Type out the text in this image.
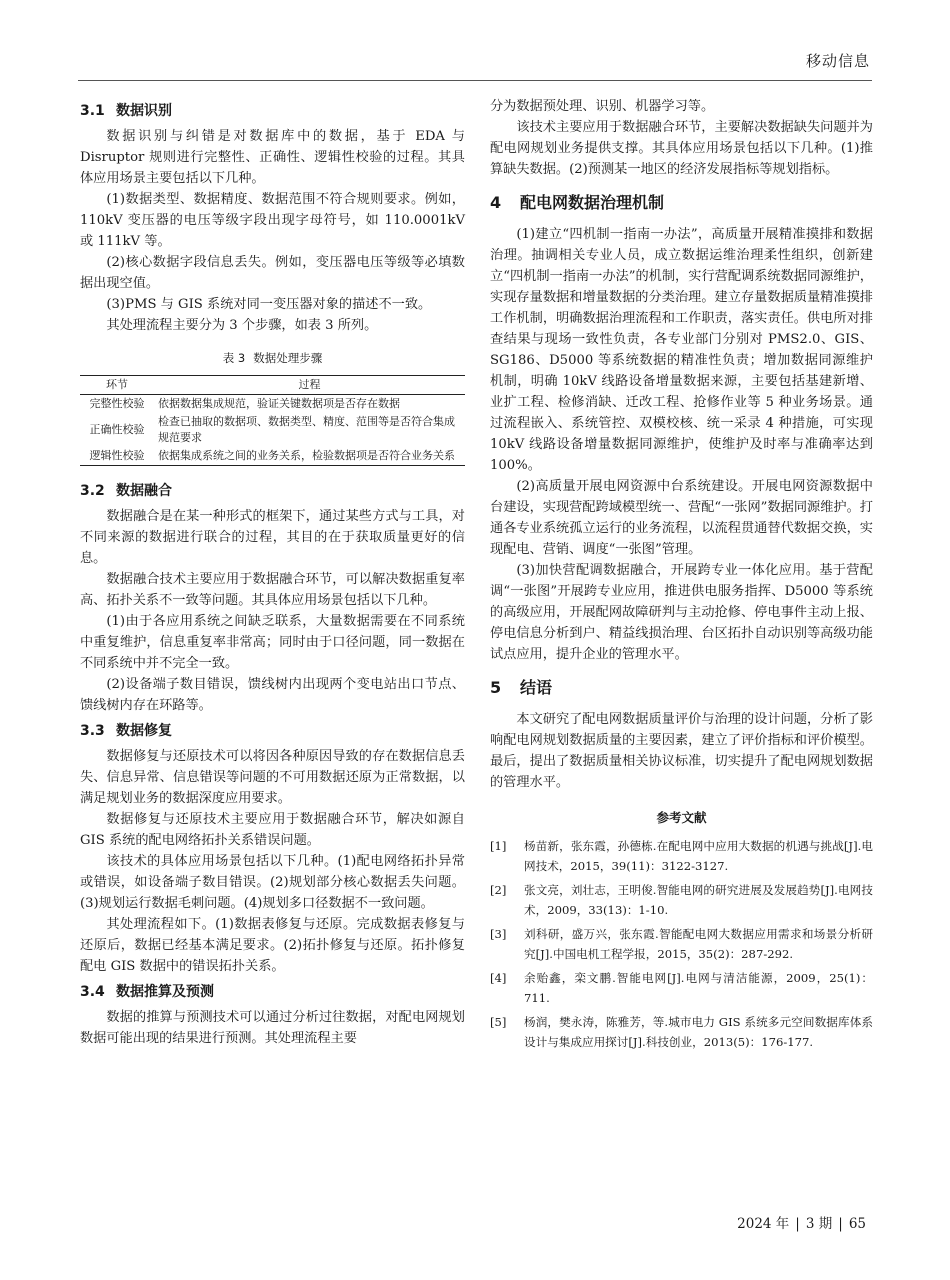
移动信息
3.1 数据识别

数据识别与纠错是对数据库中的数据，基于 EDA 与 Disruptor 规则进行完整性、正确性、逻辑性校验的过程。其具体应用场景主要包括以下几种。

(1)数据类型、数据精度、数据范围不符合规则要求。例如，110kV 变压器的电压等级字段出现字母符号，如 110.0001kV 或 111kV 等。

(2)核心数据字段信息丢失。例如，变压器电压等级等必填数据出现空值。

(3)PMS 与 GIS 系统对同一变压器对象的描述不一致。

其处理流程主要分为 3 个步骤，如表 3 所列。

表 3 数据处理步骤
环节	过程
完整性校验	依据数据集成规范，验证关键数据项是否存在数据
正确性校验	检查已抽取的数据项、数据类型、精度、范围等是否符合集成规范要求
逻辑性校验	依据集成系统之间的业务关系，检验数据项是否符合业务关系
3.2 数据融合

数据融合是在某一种形式的框架下，通过某些方式与工具，对不同来源的数据进行联合的过程，其目的在于获取质量更好的信息。

数据融合技术主要应用于数据融合环节，可以解决数据重复率高、拓扑关系不一致等问题。其具体应用场景包括以下几种。

(1)由于各应用系统之间缺乏联系，大量数据需要在不同系统中重复维护，信息重复率非常高；同时由于口径问题，同一数据在不同系统中并不完全一致。

(2)设备端子数目错误，馈线树内出现两个变电站出口节点、馈线树内存在环路等。

3.3 数据修复

数据修复与还原技术可以将因各种原因导致的存在数据信息丢失、信息异常、信息错误等问题的不可用数据还原为正常数据，以满足规划业务的数据深度应用要求。

数据修复与还原技术主要应用于数据融合环节，解决如源自 GIS 系统的配电网络拓扑关系错误问题。

该技术的具体应用场景包括以下几种。(1)配电网络拓扑异常或错误，如设备端子数目错误。(2)规划部分核心数据丢失问题。(3)规划运行数据毛刺问题。(4)规划多口径数据不一致问题。

其处理流程如下。(1)数据表修复与还原。完成数据表修复与还原后，数据已经基本满足要求。(2)拓扑修复与还原。拓扑修复配电 GIS 数据中的错误拓扑关系。

3.4 数据推算及预测

数据的推算与预测技术可以通过分析过往数据，对配电网规划数据可能出现的结果进行预测。其处理流程主要

分为数据预处理、识别、机器学习等。

该技术主要应用于数据融合环节，主要解决数据缺失问题并为配电网规划业务提供支撑。其具体应用场景包括以下几种。(1)推算缺失数据。(2)预测某一地区的经济发展指标等规划指标。

4 配电网数据治理机制

(1)建立“四机制一指南一办法”，高质量开展精准摸排和数据治理。抽调相关专业人员，成立数据运维治理柔性组织，创新建立“四机制一指南一办法”的机制，实行营配调系统数据同源维护，实现存量数据和增量数据的分类治理。建立存量数据质量精准摸排工作机制，明确数据治理流程和工作职责，落实责任。供电所对排查结果与现场一致性负责，各专业部门分别对 PMS2.0、GIS、SG186、D5000 等系统数据的精准性负责；增加数据同源维护机制，明确 10kV 线路设备增量数据来源，主要包括基建新增、业扩工程、检修消缺、迁改工程、抢修作业等 5 种业务场景。通过流程嵌入、系统管控、双模校核、统一采录 4 种措施，可实现 10kV 线路设备增量数据同源维护，使维护及时率与准确率达到 100%。

(2)高质量开展电网资源中台系统建设。开展电网资源数据中台建设，实现营配跨域模型统一、营配“一张网”数据同源维护。打通各专业系统孤立运行的业务流程，以流程贯通替代数据交换，实现配电、营销、调度“一张图”管理。

(3)加快营配调数据融合，开展跨专业一体化应用。基于营配调“一张图”开展跨专业应用，推进供电服务指挥、D5000 等系统的高级应用，开展配网故障研判与主动抢修、停电事件主动上报、停电信息分析到户、精益线损治理、台区拓扑自动识别等高级功能试点应用，提升企业的管理水平。

5 结语

本文研究了配电网数据质量评价与治理的设计问题，分析了影响配电网规划数据质量的主要因素，建立了评价指标和评价模型。最后，提出了数据质量相关协议标准，切实提升了配电网规划数据的管理水平。

参考文献
[1]	杨苗新，张东霞，孙德栋.在配电网中应用大数据的机遇与挑战[J].电网技术，2015，39(11)：3122-3127.
[2]	张文亮，刘壮志，王明俊.智能电网的研究进展及发展趋势[J].电网技术，2009，33(13)：1-10.
[3]	刘科研，盛万兴，张东霞.智能配电网大数据应用需求和场景分析研究[J].中国电机工程学报，2015，35(2)：287-292.
[4]	余贻鑫，栾文鹏.智能电网[J].电网与清洁能源，2009，25(1)：711.
[5]	杨润，樊永涛，陈雅芳，等.城市电力 GIS 系统多元空间数据库体系设计与集成应用探讨[J].科技创业，2013(5)：176-177.
2024 年 | 3 期 | 65
